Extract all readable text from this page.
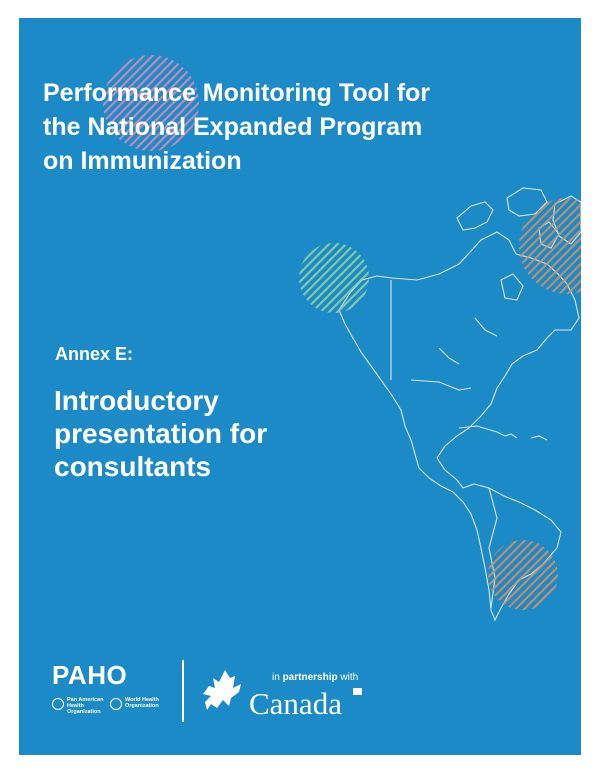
Performance Monitoring Tool for
the National Expanded Program
on Immunization

Annex E:

Introductory
presentation for
consultants
PAHO
Pan American
Health
Organization
World Health
Organization
in partnership with
Canada
